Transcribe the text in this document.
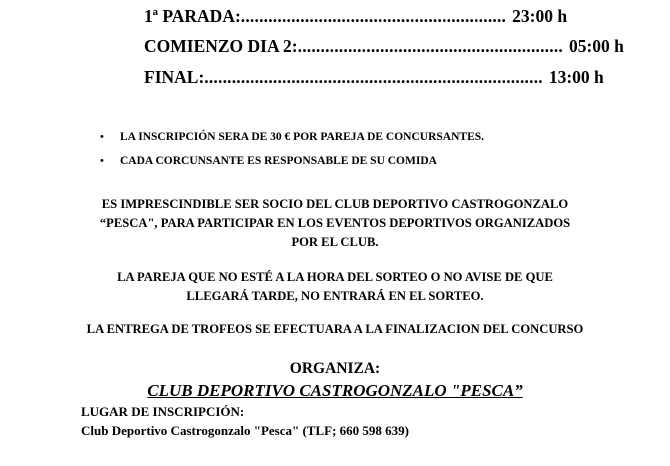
1ª PARADA: .......................................................... 23:00 h
COMIENZO DIA 2: .......................................................... 05:00 h
FINAL: .......................................................................... 13:00 h
• LA INSCRIPCIÓN SERA DE 30 € POR PAREJA DE CONCURSANTES.
• CADA CORCUNSANTE ES RESPONSABLE DE SU COMIDA
ES IMPRESCINDIBLE SER SOCIO DEL CLUB DEPORTIVO CASTROGONZALO
“PESCA", PARA PARTICIPAR EN LOS EVENTOS DEPORTIVOS ORGANIZADOS
POR EL CLUB.
LA PAREJA QUE NO ESTÉ A LA HORA DEL SORTEO O NO AVISE DE QUE
LLEGARÁ TARDE, NO ENTRARÁ EN EL SORTEO.
LA ENTREGA DE TROFEOS SE EFECTUARA A LA FINALIZACION DEL CONCURSO
ORGANIZA:
CLUB DEPORTIVO CASTROGONZALO "PESCA”
LUGAR DE INSCRIPCIÓN:
Club Deportivo Castrogonzalo "Pesca" (TLF; 660 598 639)
